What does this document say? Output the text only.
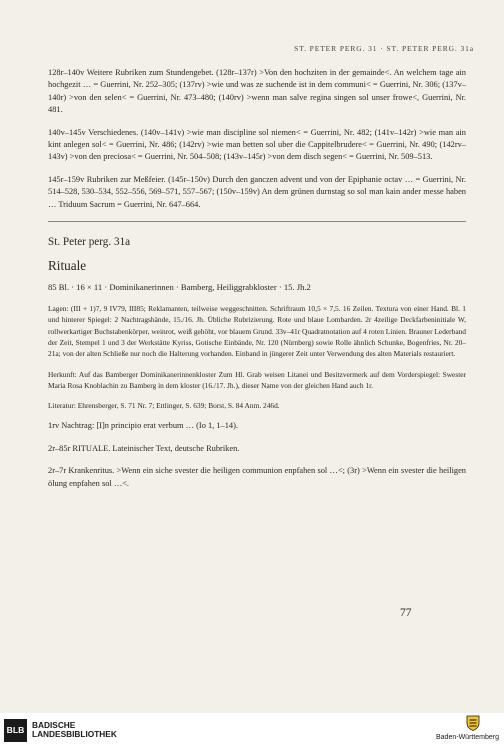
ST. PETER PERG. 31 · ST. PETER PERG. 31a

128r–140v Weitere Rubriken zum Stundengebet. (128r–137r) >Von den hochziten in der gemainde<. An welchem tage ain hochgezit … = Guerrini, Nr. 252–305; (137rv) >wie und was ze suchende ist in dem communi< = Guerrini, Nr. 306; (137v–140r) >von den selen< = Guerrini, Nr. 473–480; (140rv) >wenn man salve regina singen sol unser frowe<, Guerrini, Nr. 481.

140v–145v Verschiedenes. (140v–141v) >wie man discipline sol niemen< = Guerrini, Nr. 482; (141v–142r) >wie man ain kint anlegen sol< = Guerrini, Nr. 486; (142rv) >wie man betten sol uber die Cappitelbrudere< = Guerrini, Nr. 490; (142rv–143v) >von den preciosa< = Guerrini, Nr. 504–508; (143v–145r) >von dem disch segen< = Guerrini, Nr. 509–513.

145r–159v Rubriken zur Meßfeier. (145r–150v) Durch den ganczen advent und von der Epiphanie octav … = Guerrini, Nr. 514–528, 530–534, 552–556, 569–571, 557–567; (150v–159v) An dem grünen durnstag so sol man kain ander messe haben … Triduum Sacrum = Guerrini, Nr. 647–664.

St. Peter perg. 31a
Rituale
85 Bl. · 16 × 11 · Dominikanerinnen · Bamberg, Heiliggrabkloster · 15. Jh.2

Lagen: (III + 1)7, 9 IV79, III85; Reklamanten, teilweise weggeschnitten. Schriftraum 10,5 × 7,5. 16 Zeilen. Textura von einer Hand. Bl. 1 und hinterer Spiegel: 2 Nachtragshände, 15./16. Jh. Übliche Rubrizierung. Rote und blaue Lombarden. 2r 4zeilige Deckfarbeninitiale W, rollwerkartiger Buchstabenkörper, weinrot, weiß gehöht, vor blauem Grund. 33v–41r Quadratnotation auf 4 roten Linien. Brauner Lederband der Zeit, Stempel 1 und 3 der Werkstätte Kyriss, Gotische Einbände, Nr. 120 (Nürnberg) sowie Rolle ähnlich Schunke, Bogenfries, Nr. 20–21a; von der alten Schließe nur noch die Halterung vorhanden. Einband in jüngerer Zeit unter Verwendung des alten Materials restauriert.

Herkunft: Auf das Bamberger Dominikanerinnenkloster Zum Hl. Grab weisen Litanei und Besitzvermerk auf dem Vorderspiegel: Swester Maria Rosa Knoblachin zu Bamberg in dem kloster (16./17. Jh.), dieser Name von der gleichen Hand auch 1r.

Literatur: Ehrensberger, S. 71 Nr. 7; Ettlinger, S. 639; Borst, S. 84 Anm. 246d.

1rv Nachtrag: [I]n principio erat verbum … (Io 1, 1–14).

2r–85r RITUALE. Lateinischer Text, deutsche Rubriken.

2r–7r Krankenritus. >Wenn ein siche svester die heiligen communion enpfahen sol …<; (3r) >Wenn ein svester die heiligen ölung enpfahen sol …<.

77
BLB BADISCHE
LANDESBIBLIOTHEK	Baden-Württemberg
